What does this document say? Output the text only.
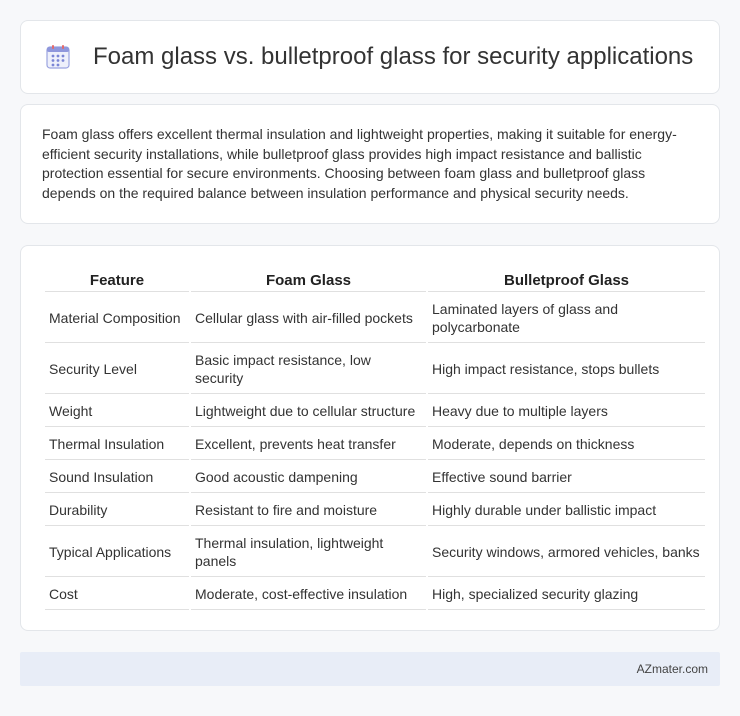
Foam glass vs. bulletproof glass for security applications

Foam glass offers excellent thermal insulation and lightweight properties, making it suitable for energy-efficient security installations, while bulletproof glass provides high impact resistance and ballistic protection essential for secure environments. Choosing between foam glass and bulletproof glass depends on the required balance between insulation performance and physical security needs.

Feature	Foam Glass	Bulletproof Glass
Material Composition	Cellular glass with air-filled pockets	Laminated layers of glass and polycarbonate
Security Level	Basic impact resistance, low security	High impact resistance, stops bullets
Weight	Lightweight due to cellular structure	Heavy due to multiple layers
Thermal Insulation	Excellent, prevents heat transfer	Moderate, depends on thickness
Sound Insulation	Good acoustic dampening	Effective sound barrier
Durability	Resistant to fire and moisture	Highly durable under ballistic impact
Typical Applications	Thermal insulation, lightweight panels	Security windows, armored vehicles, banks
Cost	Moderate, cost-effective insulation	High, specialized security glazing
AZmater.com
